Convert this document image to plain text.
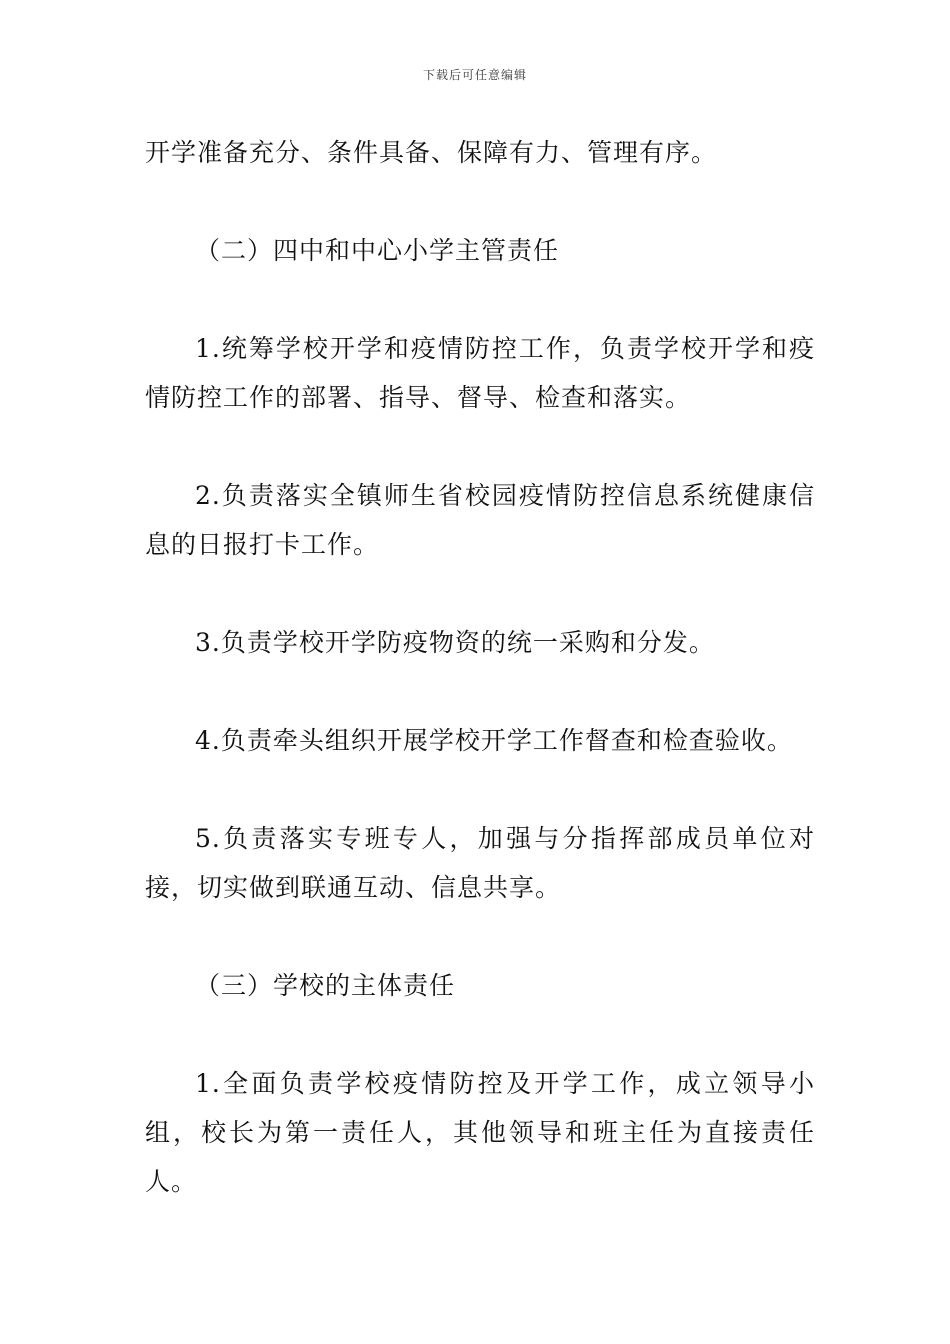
下载后可任意编辑

开学准备充分、条件具备、保障有力、管理有序。

（二）四中和中心小学主管责任

1.统筹学校开学和疫情防控工作，负责学校开学和疫情防控工作的部署、指导、督导、检查和落实。

2.负责落实全镇师生省校园疫情防控信息系统健康信息的日报打卡工作。

3.负责学校开学防疫物资的统一采购和分发。

4.负责牵头组织开展学校开学工作督查和检查验收。

5.负责落实专班专人，加强与分指挥部成员单位对接，切实做到联通互动、信息共享。

（三）学校的主体责任

1.全面负责学校疫情防控及开学工作，成立领导小组，校长为第一责任人，其他领导和班主任为直接责任人。
